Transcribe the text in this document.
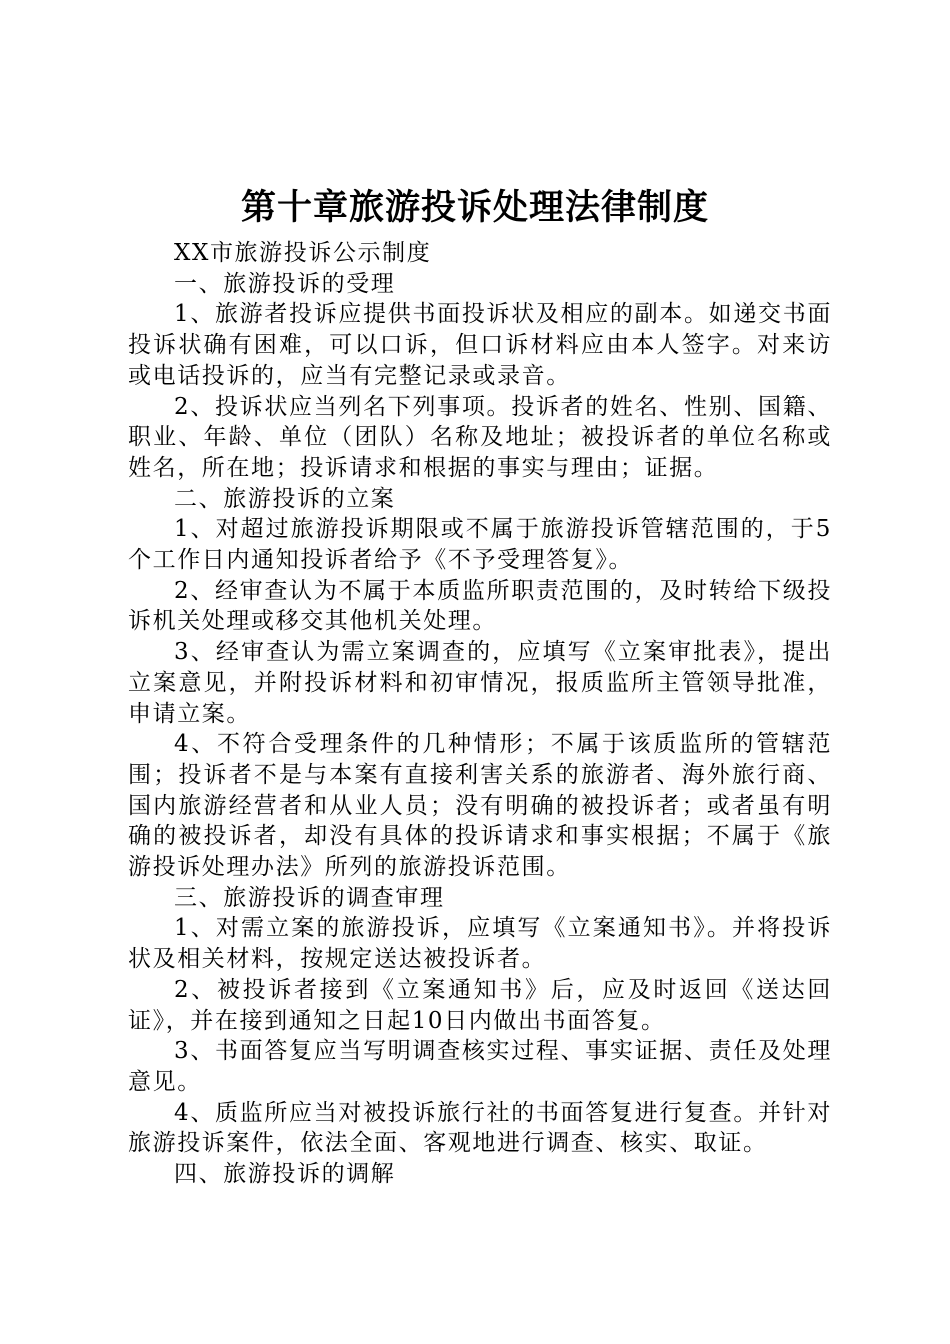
第十章旅游投诉处理法律制度

XX市旅游投诉公示制度

一、旅游投诉的受理

1、旅游者投诉应提供书面投诉状及相应的副本。如递交书面投诉状确有困难，可以口诉，但口诉材料应由本人签字。对来访或电话投诉的，应当有完整记录或录音。

2、投诉状应当列名下列事项。投诉者的姓名、性别、国籍、职业、年龄、单位（团队）名称及地址；被投诉者的单位名称或姓名，所在地；投诉请求和根据的事实与理由；证据。

二、旅游投诉的立案

1、对超过旅游投诉期限或不属于旅游投诉管辖范围的，于5个工作日内通知投诉者给予《不予受理答复》。

2、经审查认为不属于本质监所职责范围的，及时转给下级投诉机关处理或移交其他机关处理。

3、经审查认为需立案调查的，应填写《立案审批表》，提出立案意见，并附投诉材料和初审情况，报质监所主管领导批准，申请立案。

4、不符合受理条件的几种情形；不属于该质监所的管辖范围；投诉者不是与本案有直接利害关系的旅游者、海外旅行商、国内旅游经营者和从业人员；没有明确的被投诉者；或者虽有明确的被投诉者，却没有具体的投诉请求和事实根据；不属于《旅游投诉处理办法》所列的旅游投诉范围。

三、旅游投诉的调查审理

1、对需立案的旅游投诉，应填写《立案通知书》。并将投诉状及相关材料，按规定送达被投诉者。

2、被投诉者接到《立案通知书》后，应及时返回《送达回证》，并在接到通知之日起10日内做出书面答复。

3、书面答复应当写明调查核实过程、事实证据、责任及处理意见。

4、质监所应当对被投诉旅行社的书面答复进行复查。并针对旅游投诉案件，依法全面、客观地进行调查、核实、取证。

四、旅游投诉的调解
